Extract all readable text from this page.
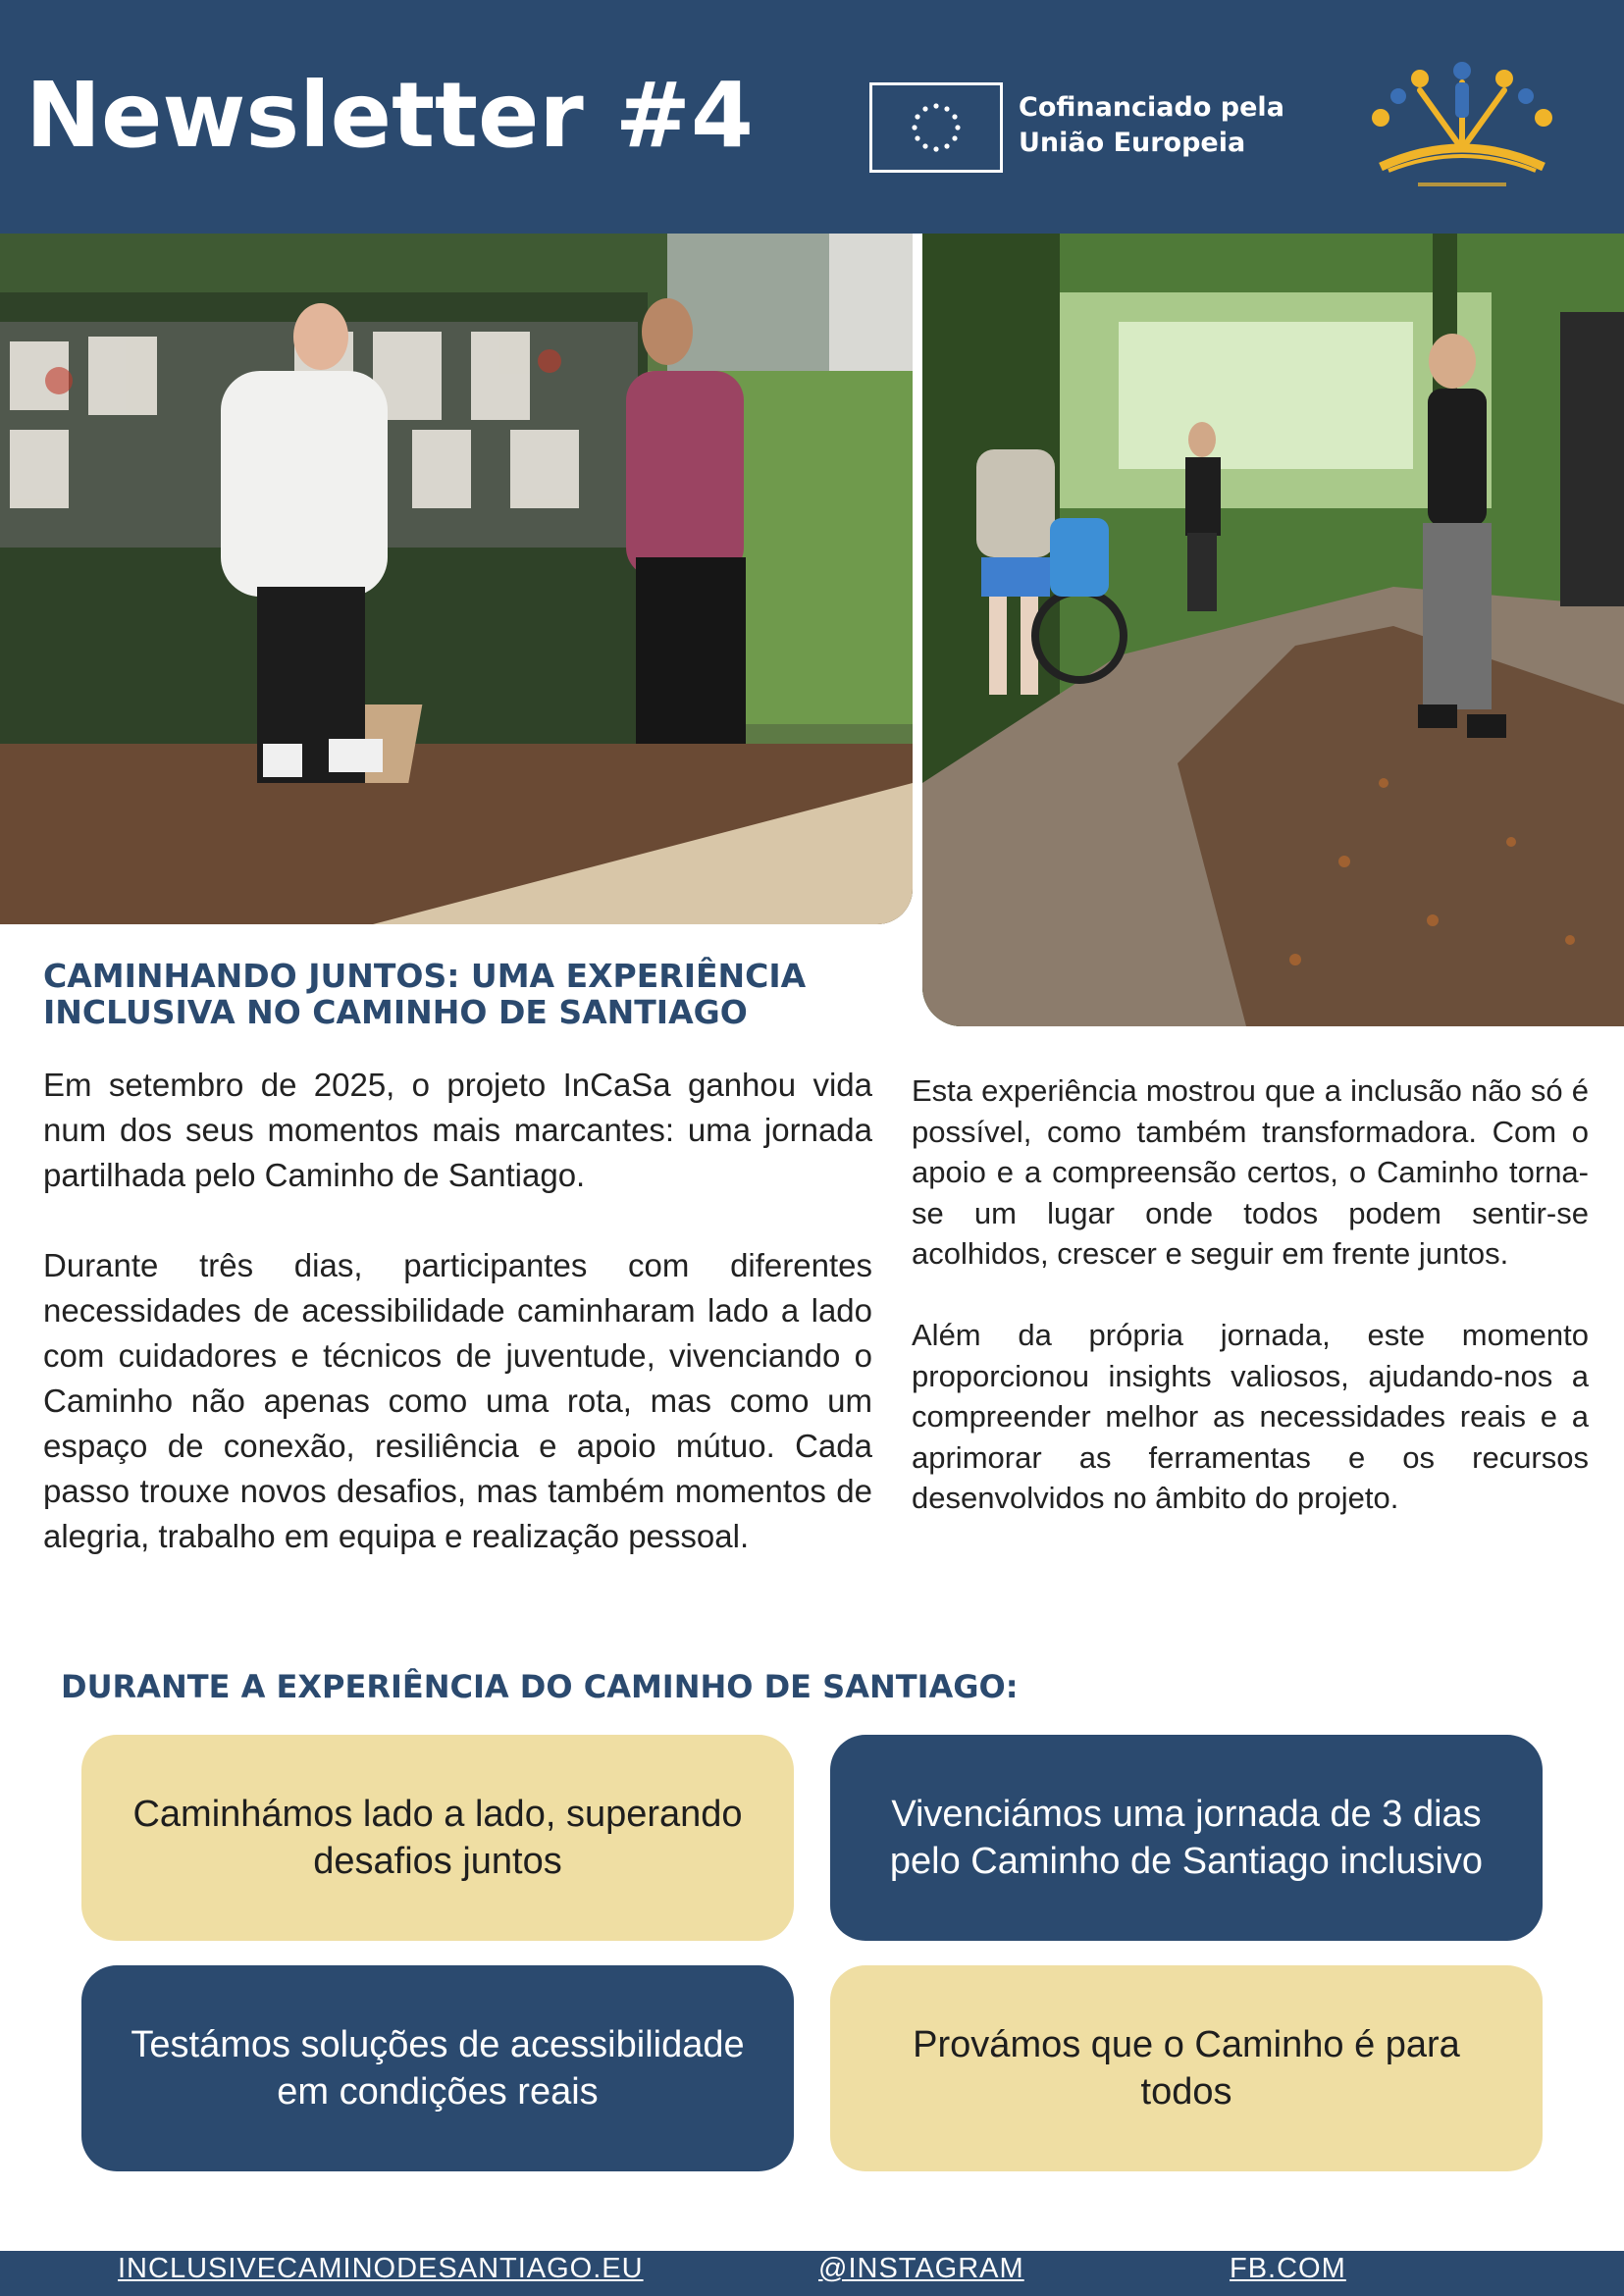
Newsletter #4	Cofinanciado pela
União Europeia
CAMINHANDO JUNTOS: UMA EXPERIÊNCIA
INCLUSIVA NO CAMINHO DE SANTIAGO

Em setembro de 2025, o projeto InCaSa ganhou vida num dos seus momentos mais marcantes: uma jornada partilhada pelo Caminho de Santiago.

Durante três dias, participantes com diferentes necessidades de acessibilidade caminharam lado a lado com cuidadores e técnicos de juventude, vivenciando o Caminho não apenas como uma rota, mas como um espaço de conexão, resiliência e apoio mútuo. Cada passo trouxe novos desafios, mas também momentos de alegria, trabalho em equipa e realização pessoal.

Esta experiência mostrou que a inclusão não só é possível, como também transformadora. Com o apoio e a compreensão certos, o Caminho torna-se um lugar onde todos podem sentir-se acolhidos, crescer e seguir em frente juntos.

Além da própria jornada, este momento proporcionou insights valiosos, ajudando-nos a compreender melhor as necessidades reais e a aprimorar as ferramentas e os recursos desenvolvidos no âmbito do projeto.

DURANTE A EXPERIÊNCIA DO CAMINHO DE SANTIAGO:
Caminhámos lado a lado, superando desafios juntos
Vivenciámos uma jornada de 3 dias pelo Caminho de Santiago inclusivo
Testámos soluções de acessibilidade em condições reais
Provámos que o Caminho é para todos
INCLUSIVECAMINODESANTIAGO.EU	@INSTAGRAM	FB.COM
